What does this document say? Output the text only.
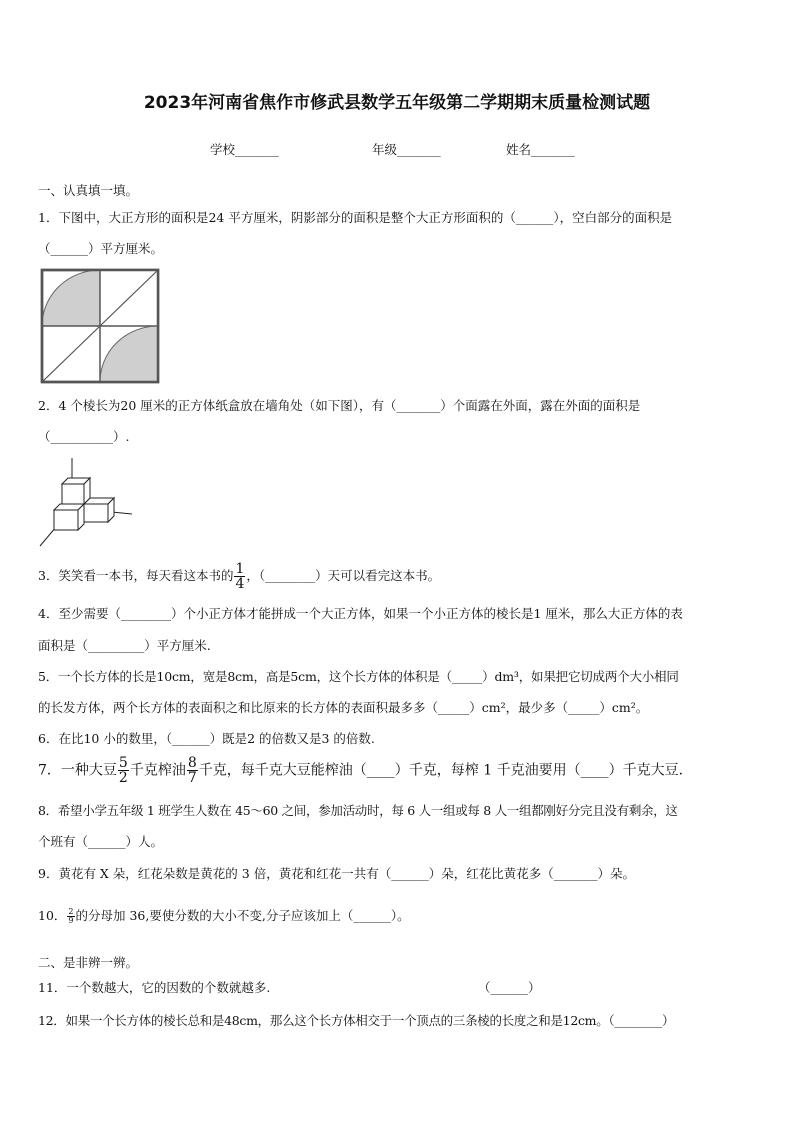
2023年河南省焦作市修武县数学五年级第二学期期末质量检测试题
学校_______	年级_______	姓名_______
一、认真填一填。
1．下图中，大正方形的面积是24 平方厘米，阴影部分的面积是整个大正方形面积的（______），空白部分的面积是
（______）平方厘米。
2．4 个棱长为20 厘米的正方体纸盒放在墙角处（如下图），有（_______）个面露在外面，露在外面的面积是
（__________）.
3．笑笑看一本书，每天看这本书的 $\frac{1}{4}$ ，（________）天可以看完这本书。
4．至少需要（________）个小正方体才能拼成一个大正方体，如果一个小正方体的棱长是1 厘米，那么大正方体的表
面积是（_________）平方厘米.
5．一个长方体的长是10cm，宽是8cm，高是5cm，这个长方体的体积是（_____）dm³，如果把它切成两个大小相同
的长发方体，两个长方体的表面积之和比原来的长方体的表面积最多多（_____）cm²，最少多（_____）cm²。
6．在比10 小的数里，（______）既是2 的倍数又是3 的倍数.
7．一种大豆 $\frac{5}{2}$ 千克榨油 $\frac{8}{7}$ 千克，每千克大豆能榨油（____）千克，每榨 1 千克油要用（____）千克大豆.
8．希望小学五年级 1 班学生人数在 45～60 之间，参加活动时，每 6 人一组或每 8 人一组都刚好分完且没有剩余，这
个班有（______）人。
9．黄花有 X 朵，红花朵数是黄花的 3 倍，黄花和红花一共有（______）朵，红花比黄花多（_______）朵。
10． $\frac{2}{9}$ 的分母加 36,要使分数的大小不变,分子应该加上（______）。
二、是非辨一辨。
11．一个数越大，它的因数的个数就越多.	（______）
12．如果一个长方体的棱长总和是48cm，那么这个长方体相交于一个顶点的三条棱的长度之和是12cm。（________）
